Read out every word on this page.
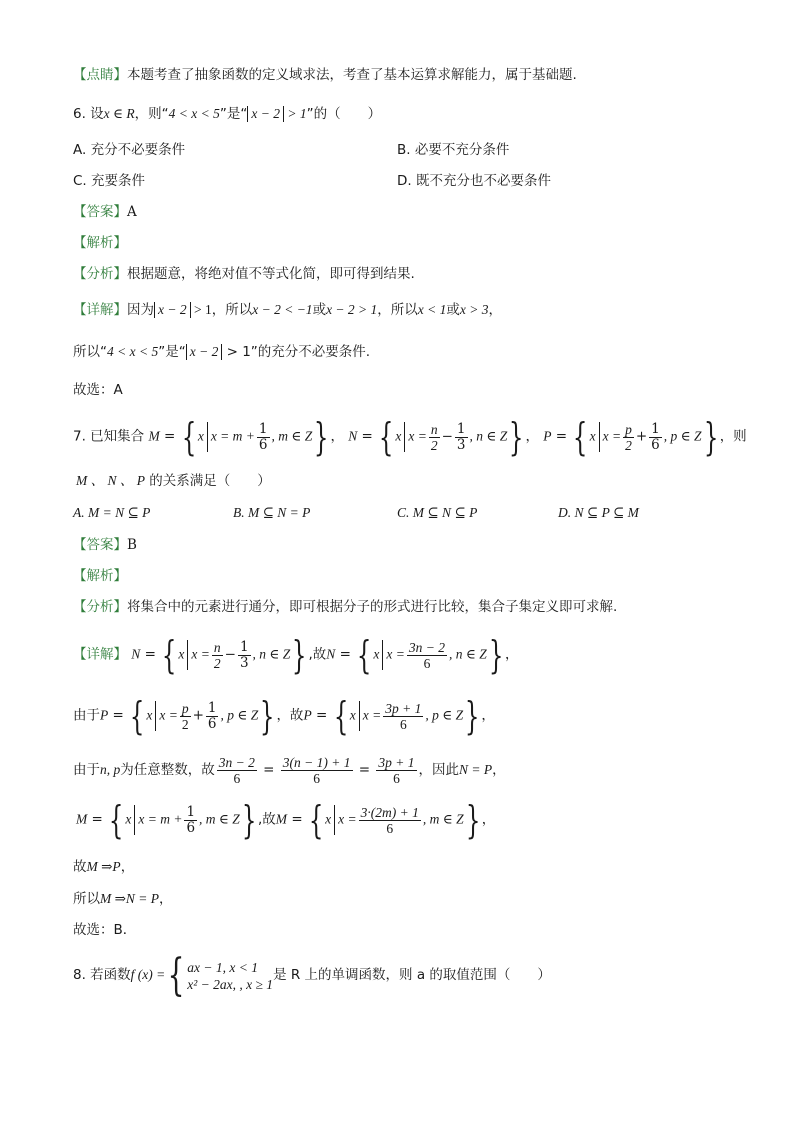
【点睛】本题考查了抽象函数的定义域求法，考查了基本运算求解能力，属于基础题.
6. 设x ∈ R，则“4 < x < 5”是“ x − 2 > 1”的（　　）
A. 充分不必要条件	B. 必要不充分条件
C. 充要条件	D. 既不充分也不必要条件
【答案】A
【解析】
【分析】根据题意，将绝对值不等式化简，即可得到结果.
【详解】因为 x − 2 > 1，所以x − 2 < −1或x − 2 > 1，所以x < 1或x > 3，
所以“4 < x < 5”是“ x − 2 > 1”的充分不必要条件.
故选：A
7. 已知集合 M = { x $x = m + \frac{1}{6}$ , m ∈ Z} ， N = { x $x = \frac{n}{2} - \frac{1}{3}$ , n ∈ Z} ， P = { x $x = \frac{p}{2} + \frac{1}{6}$ , p ∈ Z} ，则
M 、 N 、 P 的关系满足（　　）
A. M = N ⊆ P	B. M ⊆ N = P	C. M ⊆ N ⊆ P	D. N ⊆ P ⊆ M
【答案】B
【解析】
【分析】将集合中的元素进行通分，即可根据分子的形式进行比较，集合子集定义即可求解.
【详解】 N = { x $x = \frac{n}{2} - \frac{1}{3}$ , n ∈ Z} ,故N = { x $x = \frac{3n - 2}{6}$ , n ∈ Z} ，
由于P = { x $x = \frac{p}{2} + \frac{1}{6}$ , p ∈ Z} ，故P = { x $x = \frac{3p + 1}{6}$ , p ∈ Z} ，
由于n, p为任意整数，故 $\frac{3n - 2}{6} = \frac{3(n - 1) + 1}{6} = \frac{3p + 1}{6}$ ，因此N = P，
M = { x $x = m + \frac{1}{6}$ , m ∈ Z} ,故M = { x $x = \frac{3\cdot(2m) + 1}{6}$ , m ∈ Z} ，
故M ⇒P，
所以M ⇒N = P，
故选：B．
8. 若函数f (x) ={ ax − 1, x < 1
x² − 2ax, , x ≥ 1
是 R 上的单调函数，则 a 的取值范围（　　）
